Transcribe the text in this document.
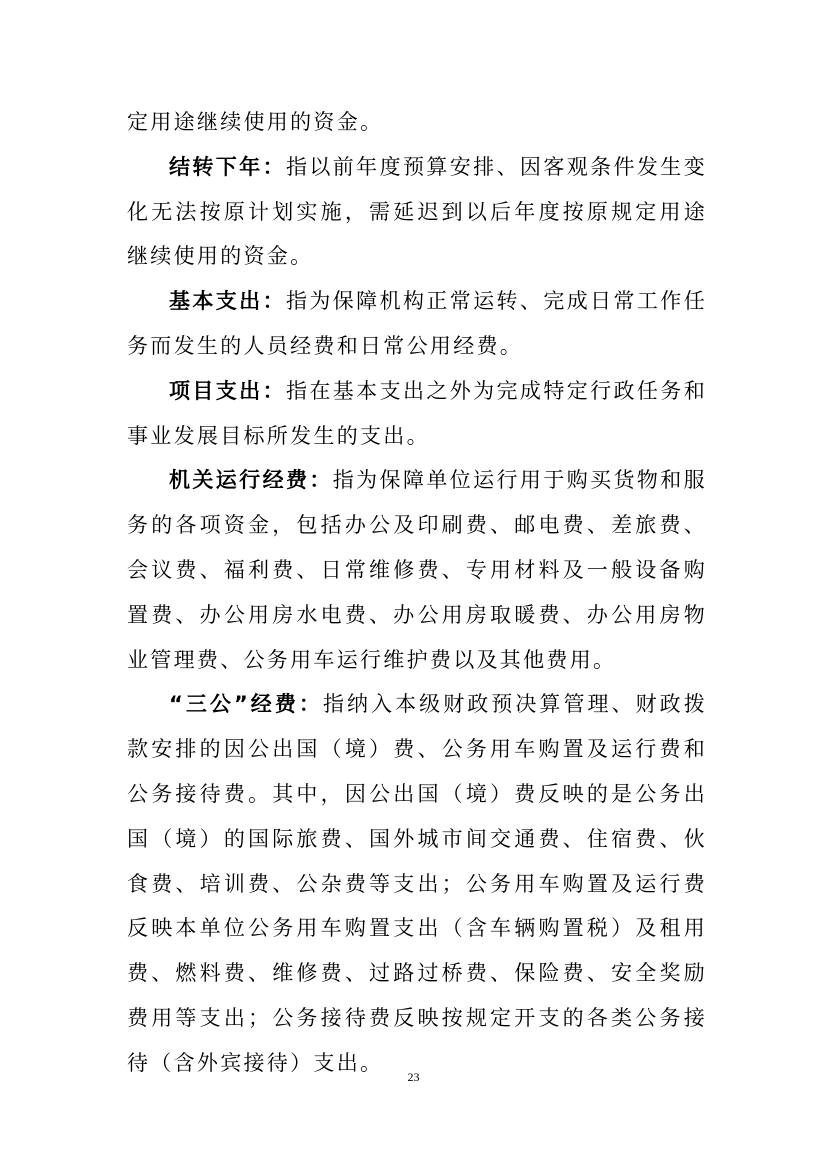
定用途继续使用的资金。

结转下年：指以前年度预算安排、因客观条件发生变化无法按原计划实施，需延迟到以后年度按原规定用途继续使用的资金。

基本支出：指为保障机构正常运转、完成日常工作任务而发生的人员经费和日常公用经费。

项目支出：指在基本支出之外为完成特定行政任务和事业发展目标所发生的支出。

机关运行经费：指为保障单位运行用于购买货物和服务的各项资金，包括办公及印刷费、邮电费、差旅费、会议费、福利费、日常维修费、专用材料及一般设备购置费、办公用房水电费、办公用房取暖费、办公用房物业管理费、公务用车运行维护费以及其他费用。

“三公”经费：指纳入本级财政预决算管理、财政拨款安排的因公出国（境）费、公务用车购置及运行费和公务接待费。其中，因公出国（境）费反映的是公务出国（境）的国际旅费、国外城市间交通费、住宿费、伙食费、培训费、公杂费等支出；公务用车购置及运行费反映本单位公务用车购置支出（含车辆购置税）及租用费、燃料费、维修费、过路过桥费、保险费、安全奖励费用等支出；公务接待费反映按规定开支的各类公务接待（含外宾接待）支出。

23
